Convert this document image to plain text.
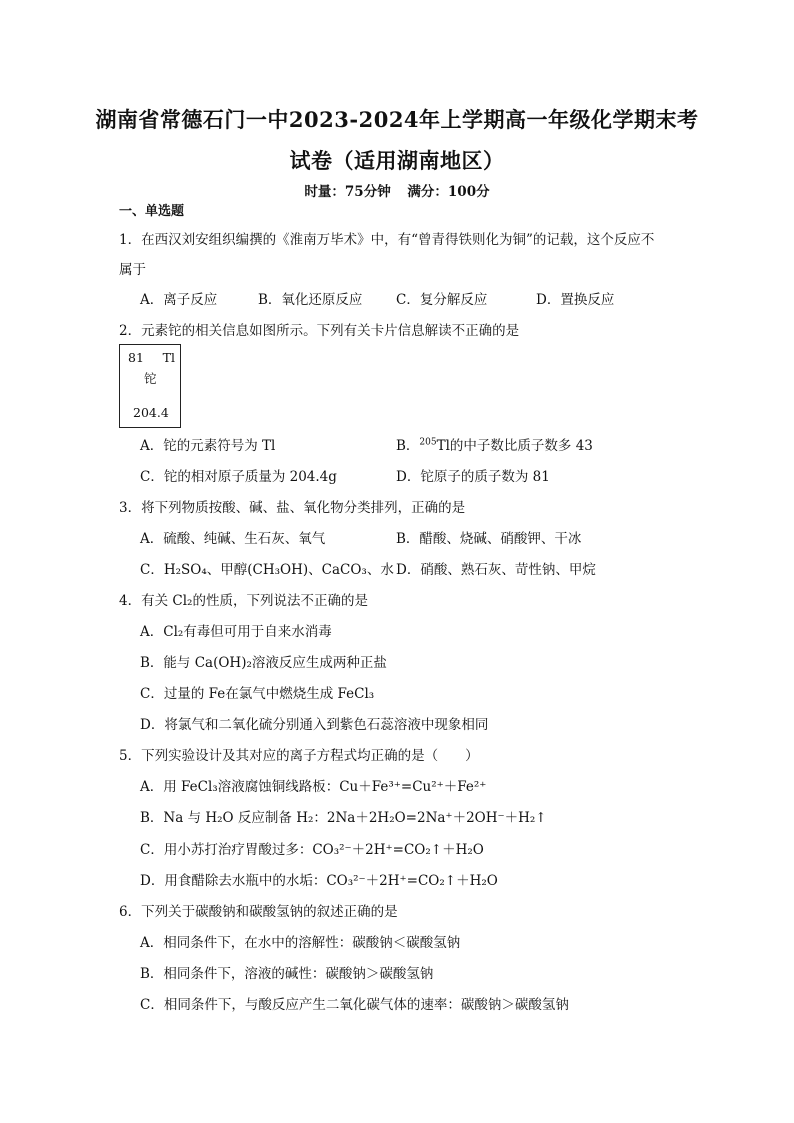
湖南省常德石门一中2023-2024年上学期高一年级化学期末考
试卷（适用湖南地区）
时量：75分钟 满分：100分
一、单选题
1．在西汉刘安组织编撰的《淮南万毕术》中，有“曾青得铁则化为铜”的记载，这个反应不
属于
A．离子反应	B．氧化还原反应 C．复分解反应	D．置换反应
2．元素铊的相关信息如图所示。下列有关卡片信息解读不正确的是
81 Tl
铊
204.4
A．铊的元素符号为 Tl	B．$^{205}$Tl的中子数比质子数多 43
C．铊的相对原子质量为 204.4g	D．铊原子的质子数为 81
3．将下列物质按酸、碱、盐、氧化物分类排列，正确的是
A．硫酸、纯碱、生石灰、氧气	B．醋酸、烧碱、硝酸钾、干冰
C．H₂SO₄、甲醇(CH₃OH)、CaCO₃、水 D．硝酸、熟石灰、苛性钠、甲烷
4．有关 Cl₂的性质，下列说法不正确的是
A．Cl₂有毒但可用于自来水消毒
B．能与 Ca(OH)₂溶液反应生成两种正盐
C．过量的 Fe在氯气中燃烧生成 FeCl₃
D．将氯气和二氧化硫分别通入到紫色石蕊溶液中现象相同
5．下列实验设计及其对应的离子方程式均正确的是（　　）
A．用 FeCl₃溶液腐蚀铜线路板：Cu＋Fe³⁺=Cu²⁺＋Fe²⁺
B．Na 与 H₂O 反应制备 H₂：2Na＋2H₂O=2Na⁺＋2OH⁻＋H₂↑
C．用小苏打治疗胃酸过多：CO₃²⁻＋2H⁺=CO₂↑＋H₂O
D．用食醋除去水瓶中的水垢：CO₃²⁻＋2H⁺=CO₂↑＋H₂O
6．下列关于碳酸钠和碳酸氢钠的叙述正确的是
A．相同条件下，在水中的溶解性：碳酸钠＜碳酸氢钠
B．相同条件下，溶液的碱性：碳酸钠＞碳酸氢钠
C．相同条件下，与酸反应产生二氧化碳气体的速率：碳酸钠＞碳酸氢钠
